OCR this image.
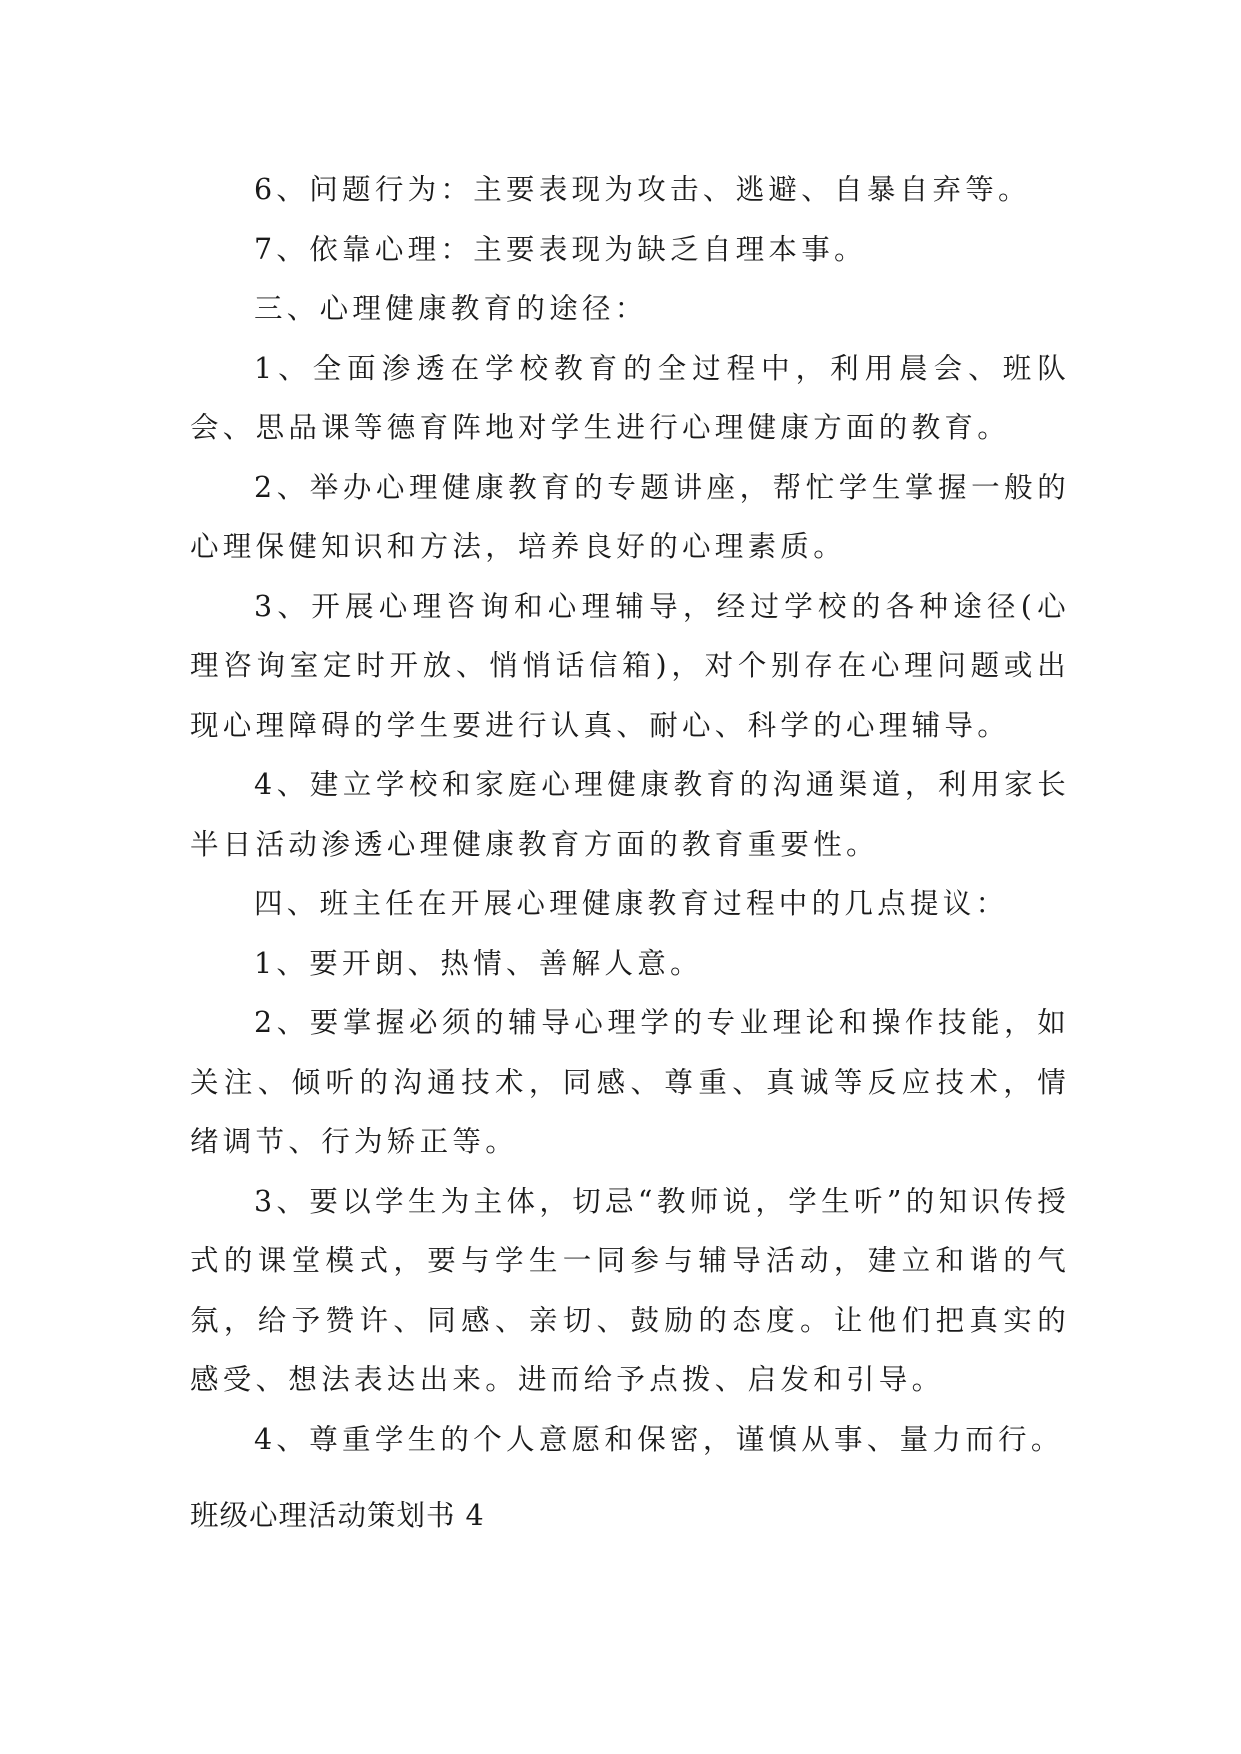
6、问题行为：主要表现为攻击、逃避、自暴自弃等。

7、依靠心理：主要表现为缺乏自理本事。

三、心理健康教育的途径：

1、全面渗透在学校教育的全过程中，利用晨会、班队会、思品课等德育阵地对学生进行心理健康方面的教育。

2、举办心理健康教育的专题讲座，帮忙学生掌握一般的心理保健知识和方法，培养良好的心理素质。

3、开展心理咨询和心理辅导，经过学校的各种途径(心理咨询室定时开放、悄悄话信箱)，对个别存在心理问题或出现心理障碍的学生要进行认真、耐心、科学的心理辅导。

4、建立学校和家庭心理健康教育的沟通渠道，利用家长半日活动渗透心理健康教育方面的教育重要性。

四、班主任在开展心理健康教育过程中的几点提议：

1、要开朗、热情、善解人意。

2、要掌握必须的辅导心理学的专业理论和操作技能，如关注、倾听的沟通技术，同感、尊重、真诚等反应技术，情绪调节、行为矫正等。

3、要以学生为主体，切忌“教师说，学生听”的知识传授式的课堂模式，要与学生一同参与辅导活动，建立和谐的气氛，给予赞许、同感、亲切、鼓励的态度。让他们把真实的感受、想法表达出来。进而给予点拨、启发和引导。

4、尊重学生的个人意愿和保密，谨慎从事、量力而行。

班级心理活动策划书 4
